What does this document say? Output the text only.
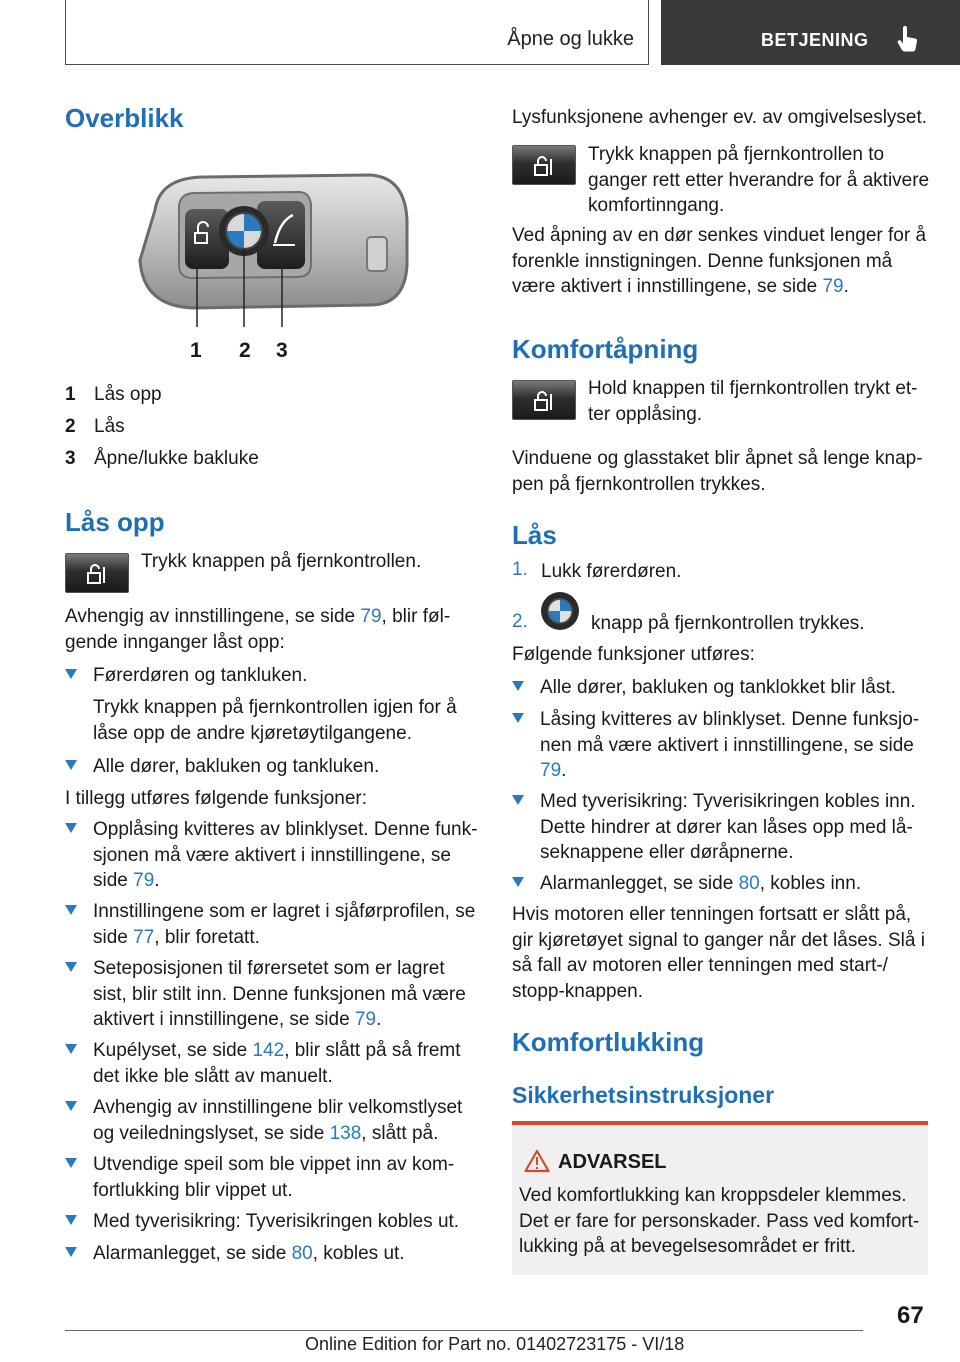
Åpne og lukke	BETJENING
Overblikk
1 2 3
1 Lås opp
2 Lås
3 Åpne/lukke bakluke
Lås opp
Trykk knappen på fjernkontrollen.
Avhengig av innstillingene, se side 79, blir føl-gende innganger låst opp:
Førerdøren og tankluken.
Trykk knappen på fjernkontrollen igjen for å låse opp de andre kjøretøytilgangene.
Alle dører, bakluken og tankluken.
I tillegg utføres følgende funksjoner:
Opplåsing kvitteres av blinklyset. Denne funk-sjonen må være aktivert i innstillingene, se side 79.
Innstillingene som er lagret i sjåførprofilen, se side 77, blir foretatt.
Seteposisjonen til førersetet som er lagret sist, blir stilt inn. Denne funksjonen må være aktivert i innstillingene, se side 79.
Kupélyset, se side 142, blir slått på så fremt det ikke ble slått av manuelt.
Avhengig av innstillingene blir velkomstlyset og veiledningslyset, se side 138, slått på.
Utvendige speil som ble vippet inn av kom-fortlukking blir vippet ut.
Med tyverisikring: Tyverisikringen kobles ut.
Alarmanlegget, se side 80, kobles ut.
Lysfunksjonene avhenger ev. av omgivelseslyset.
Trykk knappen på fjernkontrollen to ganger rett etter hverandre for å aktivere komfortinngang.
Ved åpning av en dør senkes vinduet lenger for å forenkle innstigningen. Denne funksjonen må være aktivert i innstillingene, se side 79.
Komfortåpning
Hold knappen til fjernkontrollen trykt et-ter opplåsing.
Vinduene og glasstaket blir åpnet så lenge knap-pen på fjernkontrollen trykkes.
Lås
1. Lukk førerdøren.
2.	knapp på fjernkontrollen trykkes.
Følgende funksjoner utføres:
Alle dører, bakluken og tanklokket blir låst.
Låsing kvitteres av blinklyset. Denne funksjo-nen må være aktivert i innstillingene, se side 79.
Med tyverisikring: Tyverisikringen kobles inn. Dette hindrer at dører kan låses opp med lå-seknappene eller døråpnerne.
Alarmanlegget, se side 80, kobles inn.
Hvis motoren eller tenningen fortsatt er slått på, gir kjøretøyet signal to ganger når det låses. Slå i så fall av motoren eller tenningen med start-/ stopp-knappen.
Komfortlukking
Sikkerhetsinstruksjoner
ADVARSEL
Ved komfortlukking kan kroppsdeler klemmes. Det er fare for personskader. Pass ved komfort-lukking på at bevegelsesområdet er fritt.
67
Online Edition for Part no. 01402723175 - VI/18
